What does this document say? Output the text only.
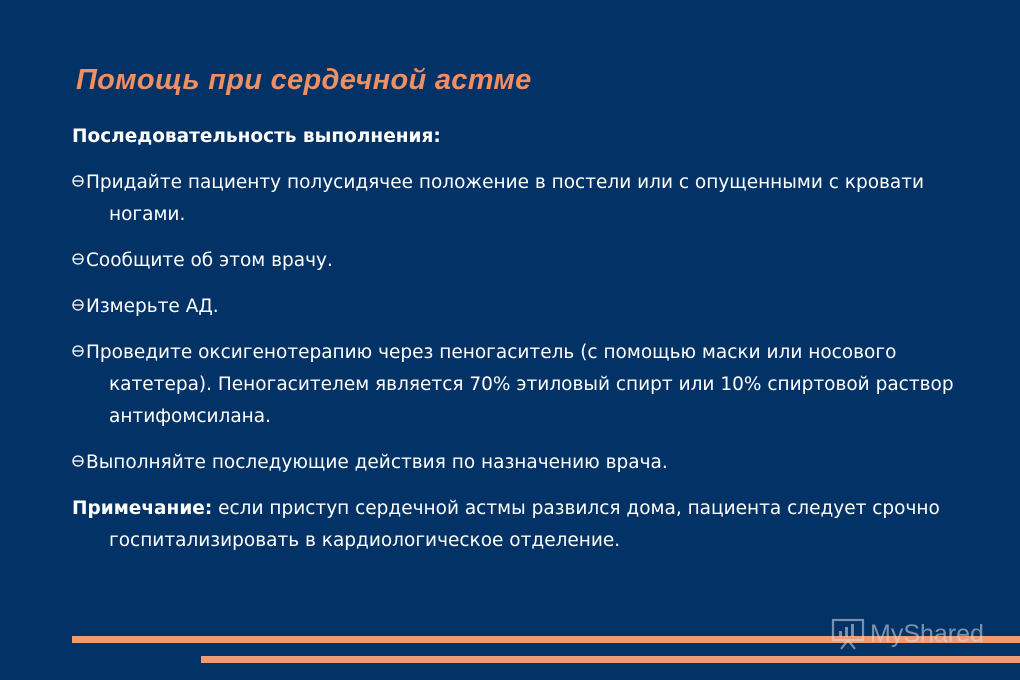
Помощь при сердечной астме

Последовательность выполнения:

Придайте пациенту полусидячее положение в постели или с опущенными с кровати ногами.

Сообщите об этом врачу.

Измерьте АД.

Проведите оксигенотерапию через пеногаситель (с помощью маски или носового катетера). Пеногасителем является 70% этиловый спирт или 10% спиртовой раствор антифомсилана.

Выполняйте последующие действия по назначению врача.

Примечание: если приступ сердечной астмы развился дома, пациента следует срочно госпитализировать в кардиологическое отделение.

MyShared
